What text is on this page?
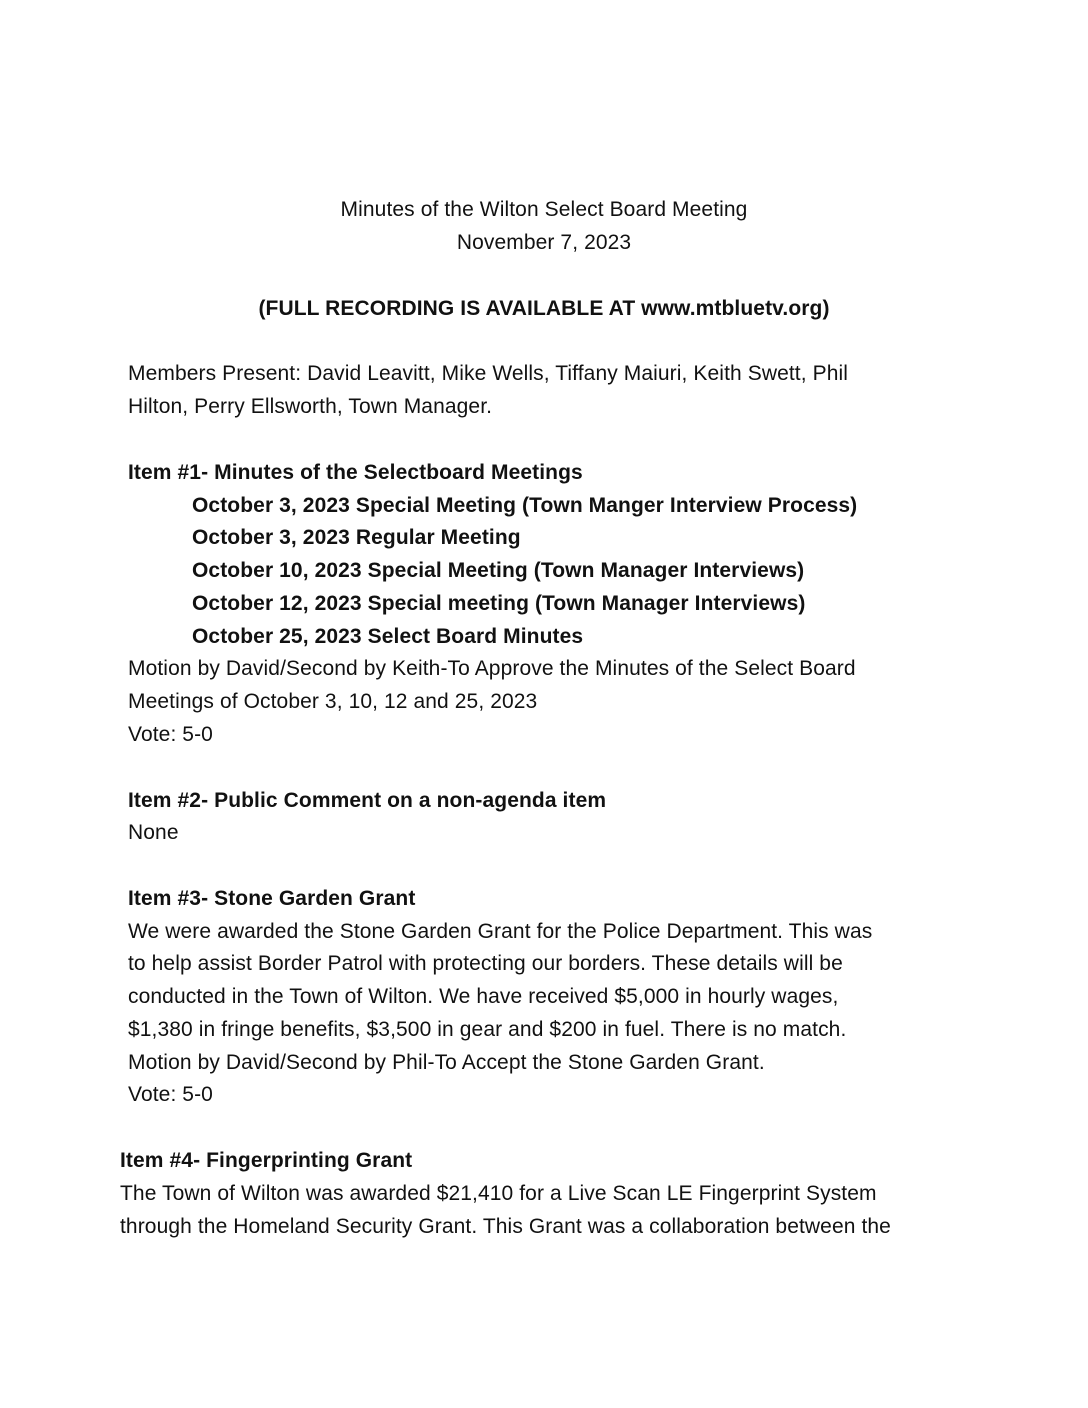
Minutes of the Wilton Select Board Meeting
November 7, 2023
(FULL RECORDING IS AVAILABLE AT www.mtbluetv.org)
Members Present: David Leavitt, Mike Wells, Tiffany Maiuri, Keith Swett, Phil
Hilton, Perry Ellsworth, Town Manager.
Item #1- Minutes of the Selectboard Meetings
October 3, 2023 Special Meeting (Town Manger Interview Process)
October 3, 2023 Regular Meeting
October 10, 2023 Special Meeting (Town Manager Interviews)
October 12, 2023 Special meeting (Town Manager Interviews)
October 25, 2023 Select Board Minutes
Motion by David/Second by Keith-To Approve the Minutes of the Select Board
Meetings of October 3, 10, 12 and 25, 2023
Vote: 5-0
Item #2- Public Comment on a non-agenda item
None
Item #3- Stone Garden Grant
We were awarded the Stone Garden Grant for the Police Department. This was
to help assist Border Patrol with protecting our borders. These details will be
conducted in the Town of Wilton. We have received $5,000 in hourly wages,
$1,380 in fringe benefits, $3,500 in gear and $200 in fuel. There is no match.
Motion by David/Second by Phil-To Accept the Stone Garden Grant.
Vote: 5-0
Item #4- Fingerprinting Grant
The Town of Wilton was awarded $21,410 for a Live Scan LE Fingerprint System
through the Homeland Security Grant. This Grant was a collaboration between the
